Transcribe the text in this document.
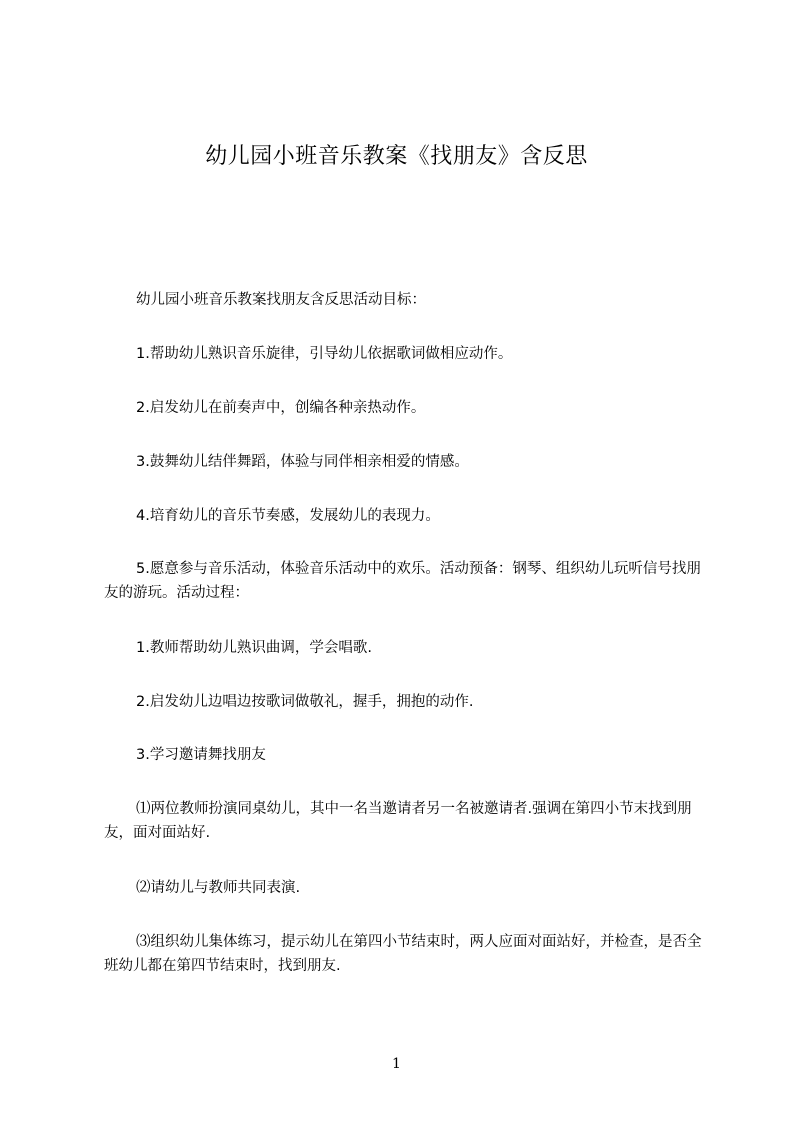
幼儿园小班音乐教案《找朋友》含反思

幼儿园小班音乐教案找朋友含反思活动目标：

1.帮助幼儿熟识音乐旋律，引导幼儿依据歌词做相应动作。

2.启发幼儿在前奏声中，创编各种亲热动作。

3.鼓舞幼儿结伴舞蹈，体验与同伴相亲相爱的情感。

4.培育幼儿的音乐节奏感，发展幼儿的表现力。

5.愿意参与音乐活动，体验音乐活动中的欢乐。活动预备：钢琴、组织幼儿玩听信号找朋友的游玩。活动过程：

1.教师帮助幼儿熟识曲调，学会唱歌.

2.启发幼儿边唱边按歌词做敬礼，握手，拥抱的动作.

3.学习邀请舞找朋友

⑴两位教师扮演同桌幼儿，其中一名当邀请者另一名被邀请者.强调在第四小节末找到朋友，面对面站好.

⑵请幼儿与教师共同表演.

⑶组织幼儿集体练习，提示幼儿在第四小节结束时，两人应面对面站好，并检查，是否全班幼儿都在第四节结束时，找到朋友.

1
